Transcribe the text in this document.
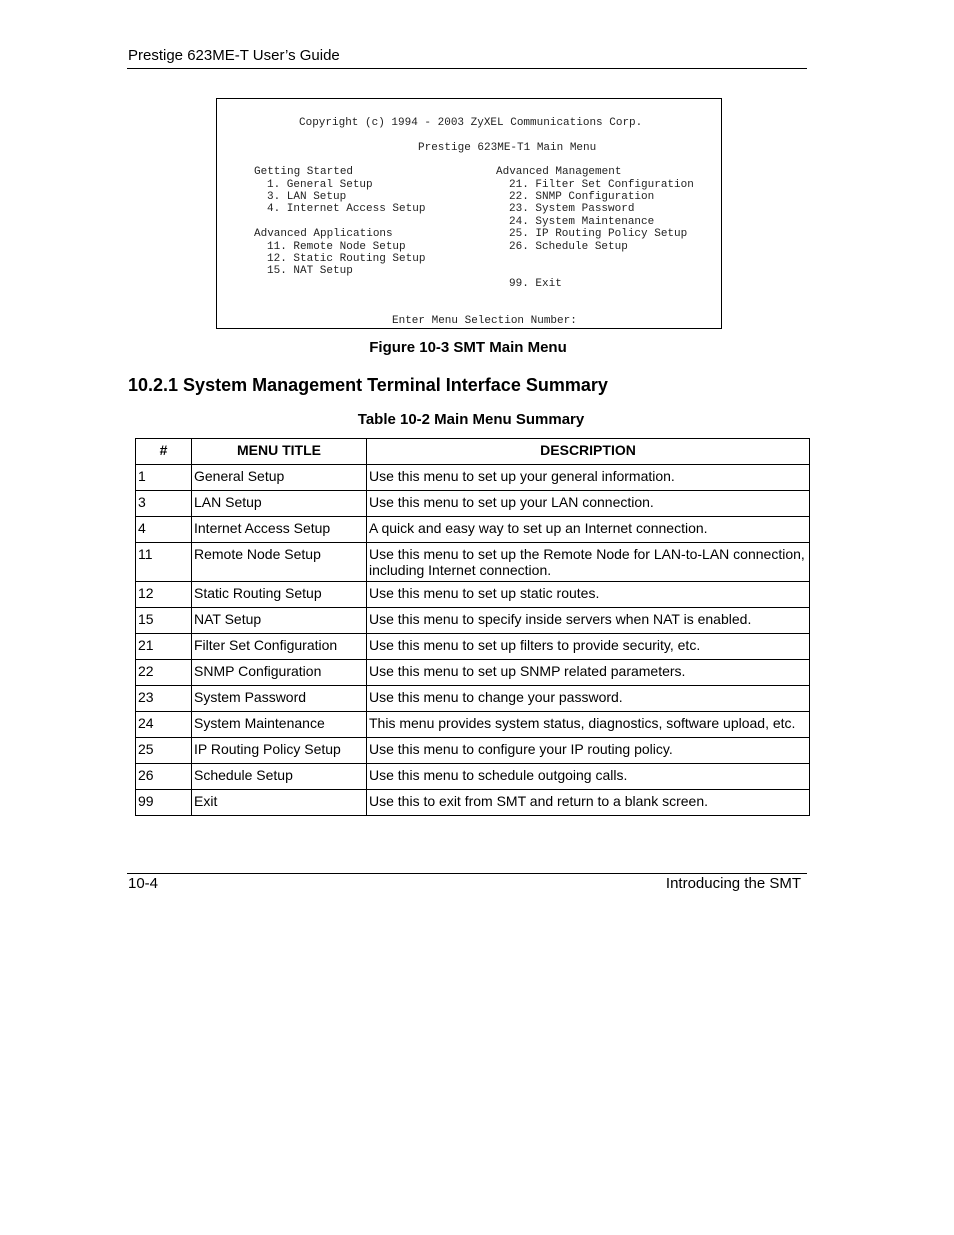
Prestige 623ME-T User’s Guide
Copyright (c) 1994 - 2003 ZyXEL Communications Corp.
Prestige 623ME-T1 Main Menu
Getting Started
1. General Setup
3. LAN Setup
4. Internet Access Setup
Advanced Applications
11. Remote Node Setup
12. Static Routing Setup
15. NAT Setup
Advanced Management
21. Filter Set Configuration
22. SNMP Configuration
23. System Password
24. System Maintenance
25. IP Routing Policy Setup
26. Schedule Setup
99. Exit
Enter Menu Selection Number:
Figure 10-3 SMT Main Menu
10.2.1 System Management Terminal Interface Summary
Table 10-2 Main Menu Summary
#	MENU TITLE	DESCRIPTION
1	General Setup	Use this menu to set up your general information.
3	LAN Setup	Use this menu to set up your LAN connection.
4	Internet Access Setup	A quick and easy way to set up an Internet connection.
11	Remote Node Setup	Use this menu to set up the Remote Node for LAN-to-LAN connection, including Internet connection.
12	Static Routing Setup	Use this menu to set up static routes.
15	NAT Setup	Use this menu to specify inside servers when NAT is enabled.
21	Filter Set Configuration	Use this menu to set up filters to provide security, etc.
22	SNMP Configuration	Use this menu to set up SNMP related parameters.
23	System Password	Use this menu to change your password.
24	System Maintenance	This menu provides system status, diagnostics, software upload, etc.
25	IP Routing Policy Setup	Use this menu to configure your IP routing policy.
26	Schedule Setup	Use this menu to schedule outgoing calls.
99	Exit	Use this to exit from SMT and return to a blank screen.
10-4	Introducing the SMT
